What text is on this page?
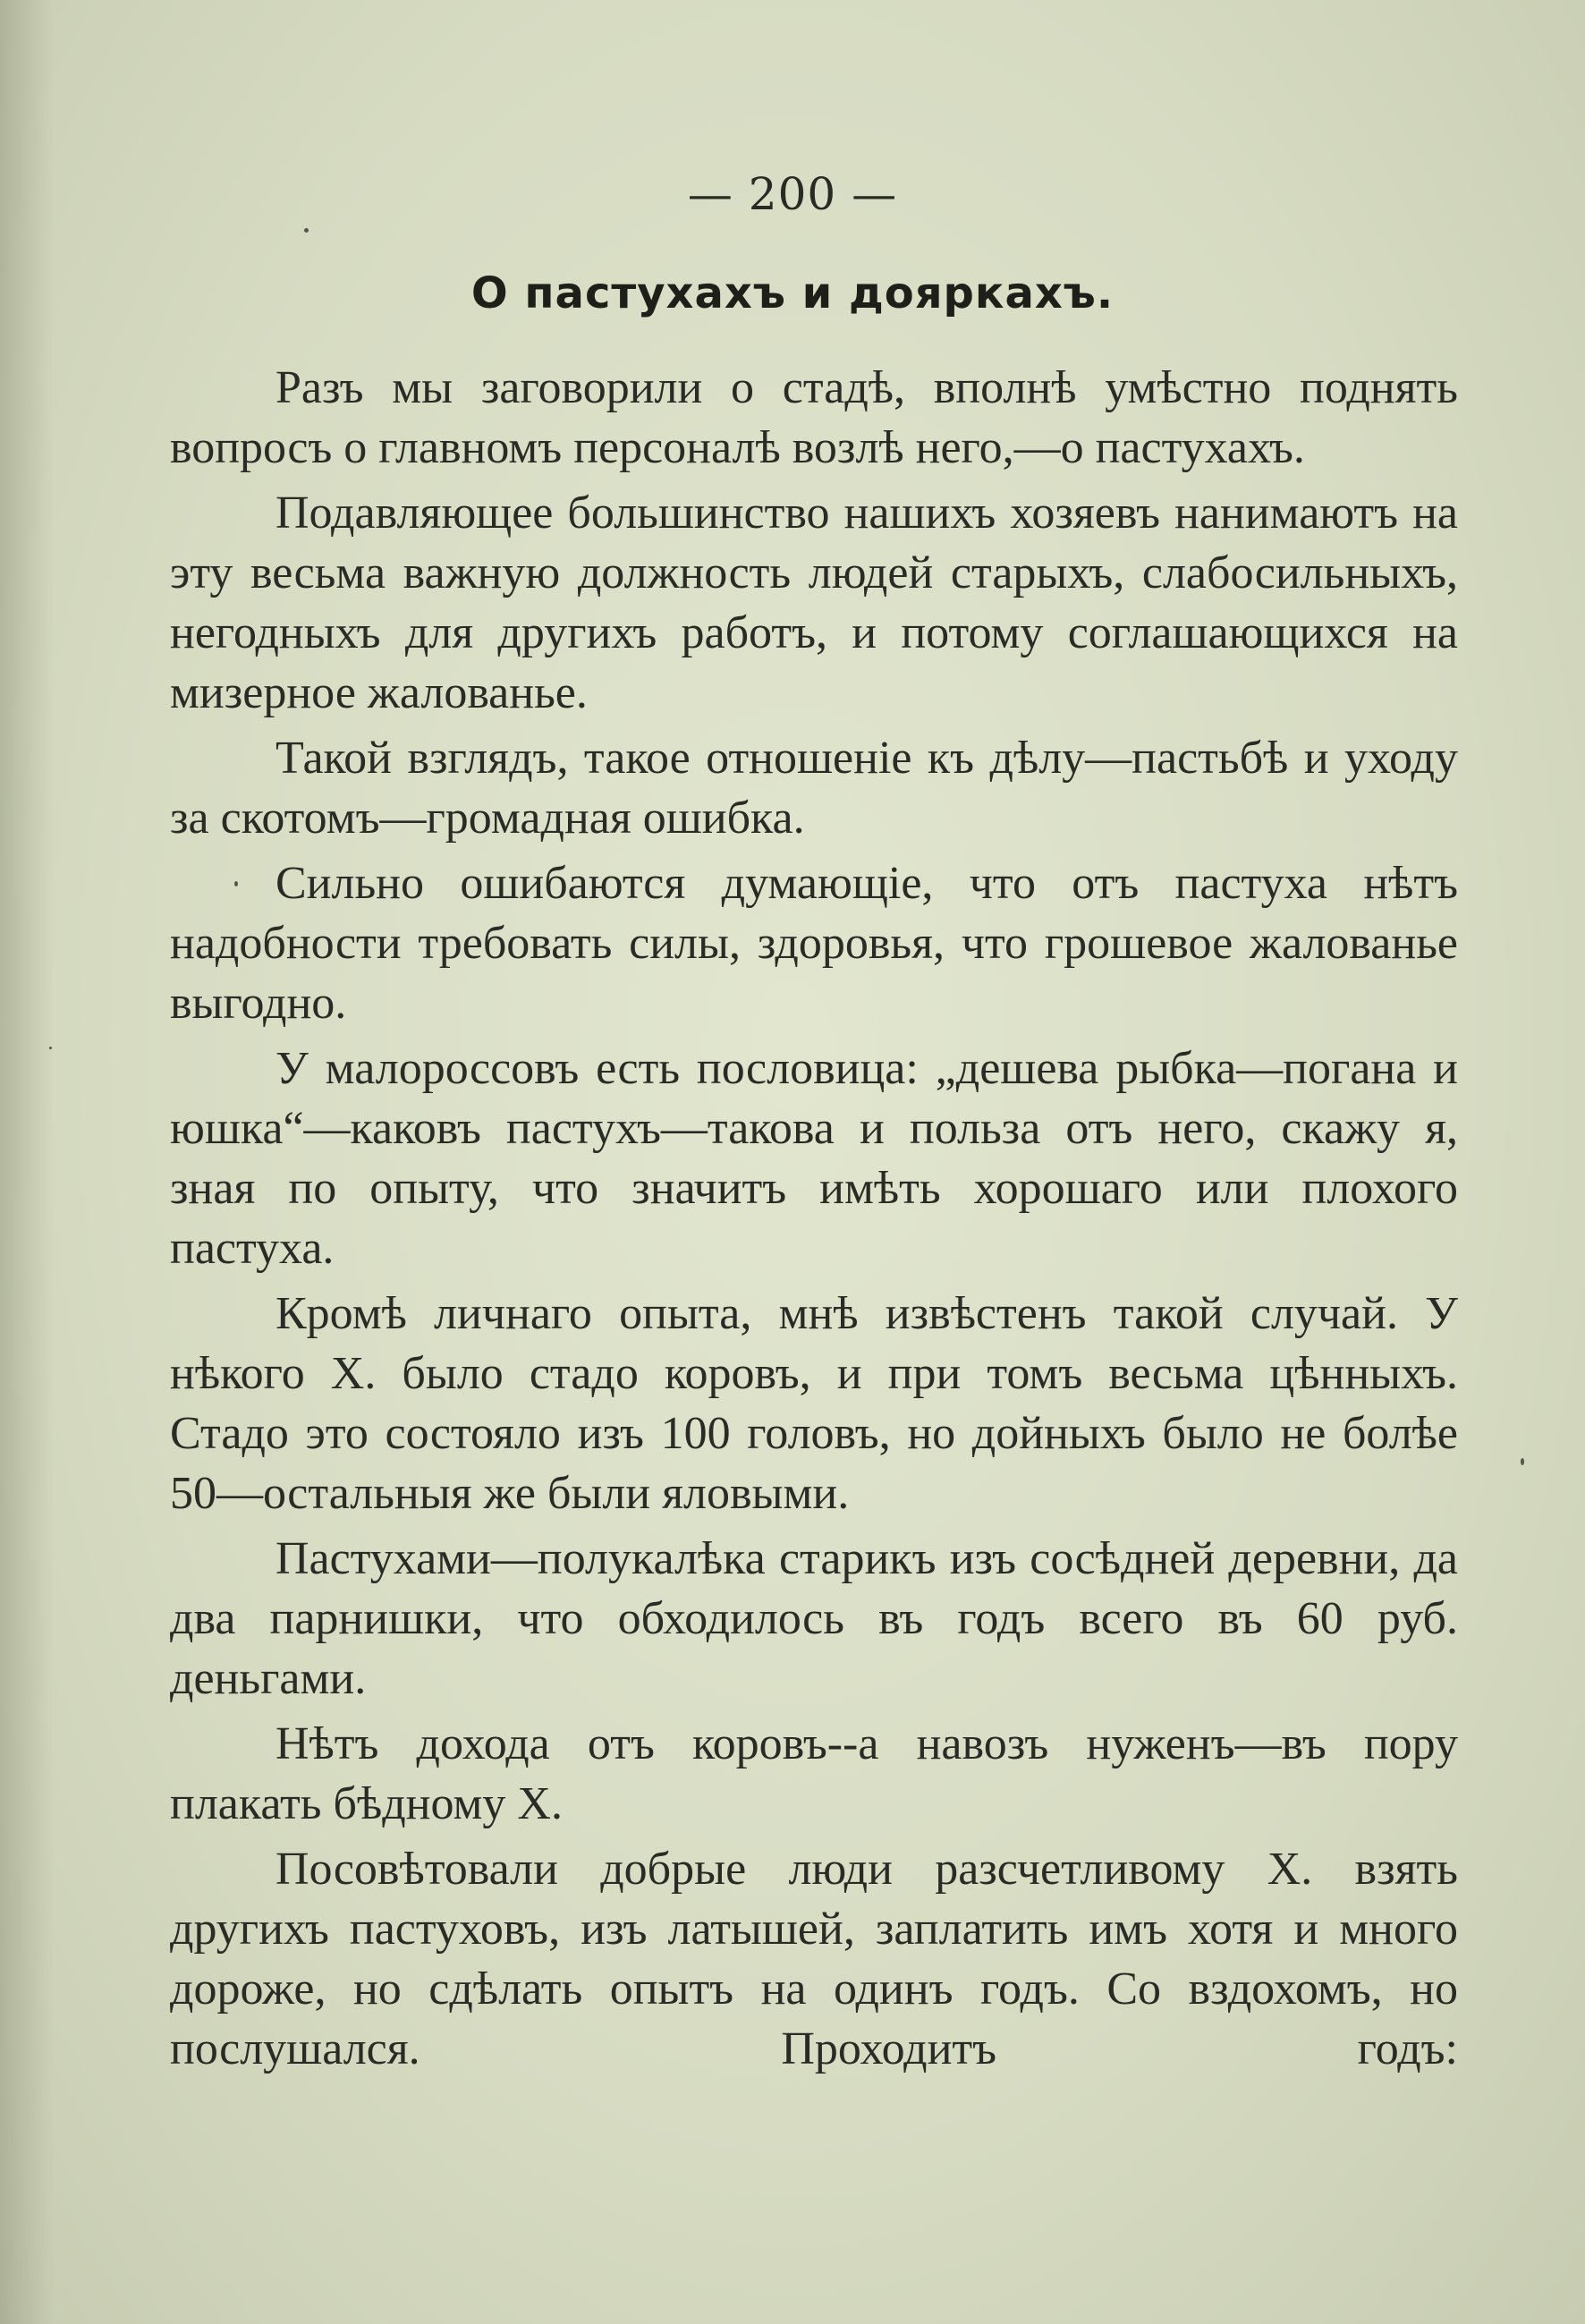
— 200 —
О пастухахъ и дояркахъ.

Разъ мы заговорили о стадѣ, вполнѣ умѣстно поднять вопросъ о главномъ персоналѣ возлѣ него,—о пастухахъ.

Подавляющее большинство нашихъ хозяевъ нанимаютъ на эту весьма важную должность людей старыхъ, слабосильныхъ, негодныхъ для другихъ работъ, и потому соглашающихся на мизерное жалованье.

Такой взглядъ, такое отношеніе къ дѣлу—пастьбѣ и уходу за скотомъ—громадная ошибка.

Сильно ошибаются думающіе, что отъ пастуха нѣтъ надобности требовать силы, здоровья, что грошевое жалованье выгодно.

У малороссовъ есть пословица: „дешева рыбка—погана и юшка“—каковъ пастухъ—такова и польза отъ него, скажу я, зная по опыту, что значитъ имѣть хорошаго или плохого пастуха.

Кромѣ личнаго опыта, мнѣ извѣстенъ такой случай. У нѣкого Х. было стадо коровъ, и при томъ весьма цѣнныхъ. Стадо это состояло изъ 100 головъ, но дойныхъ было не болѣе 50—остальныя же были яловыми.

Пастухами—полукалѣка старикъ изъ сосѣдней деревни, да два парнишки, что обходилось въ годъ всего въ 60 руб. деньгами.

Нѣтъ дохода отъ коровъ--а навозъ нуженъ—въ пору плакать бѣдному Х.

Посовѣтовали добрые люди разсчетливому Х. взять другихъ пастуховъ, изъ латышей, заплатить имъ хотя и много дороже, но сдѣлать опытъ на одинъ годъ. Со вздохомъ, но послушался. Проходитъ годъ:
